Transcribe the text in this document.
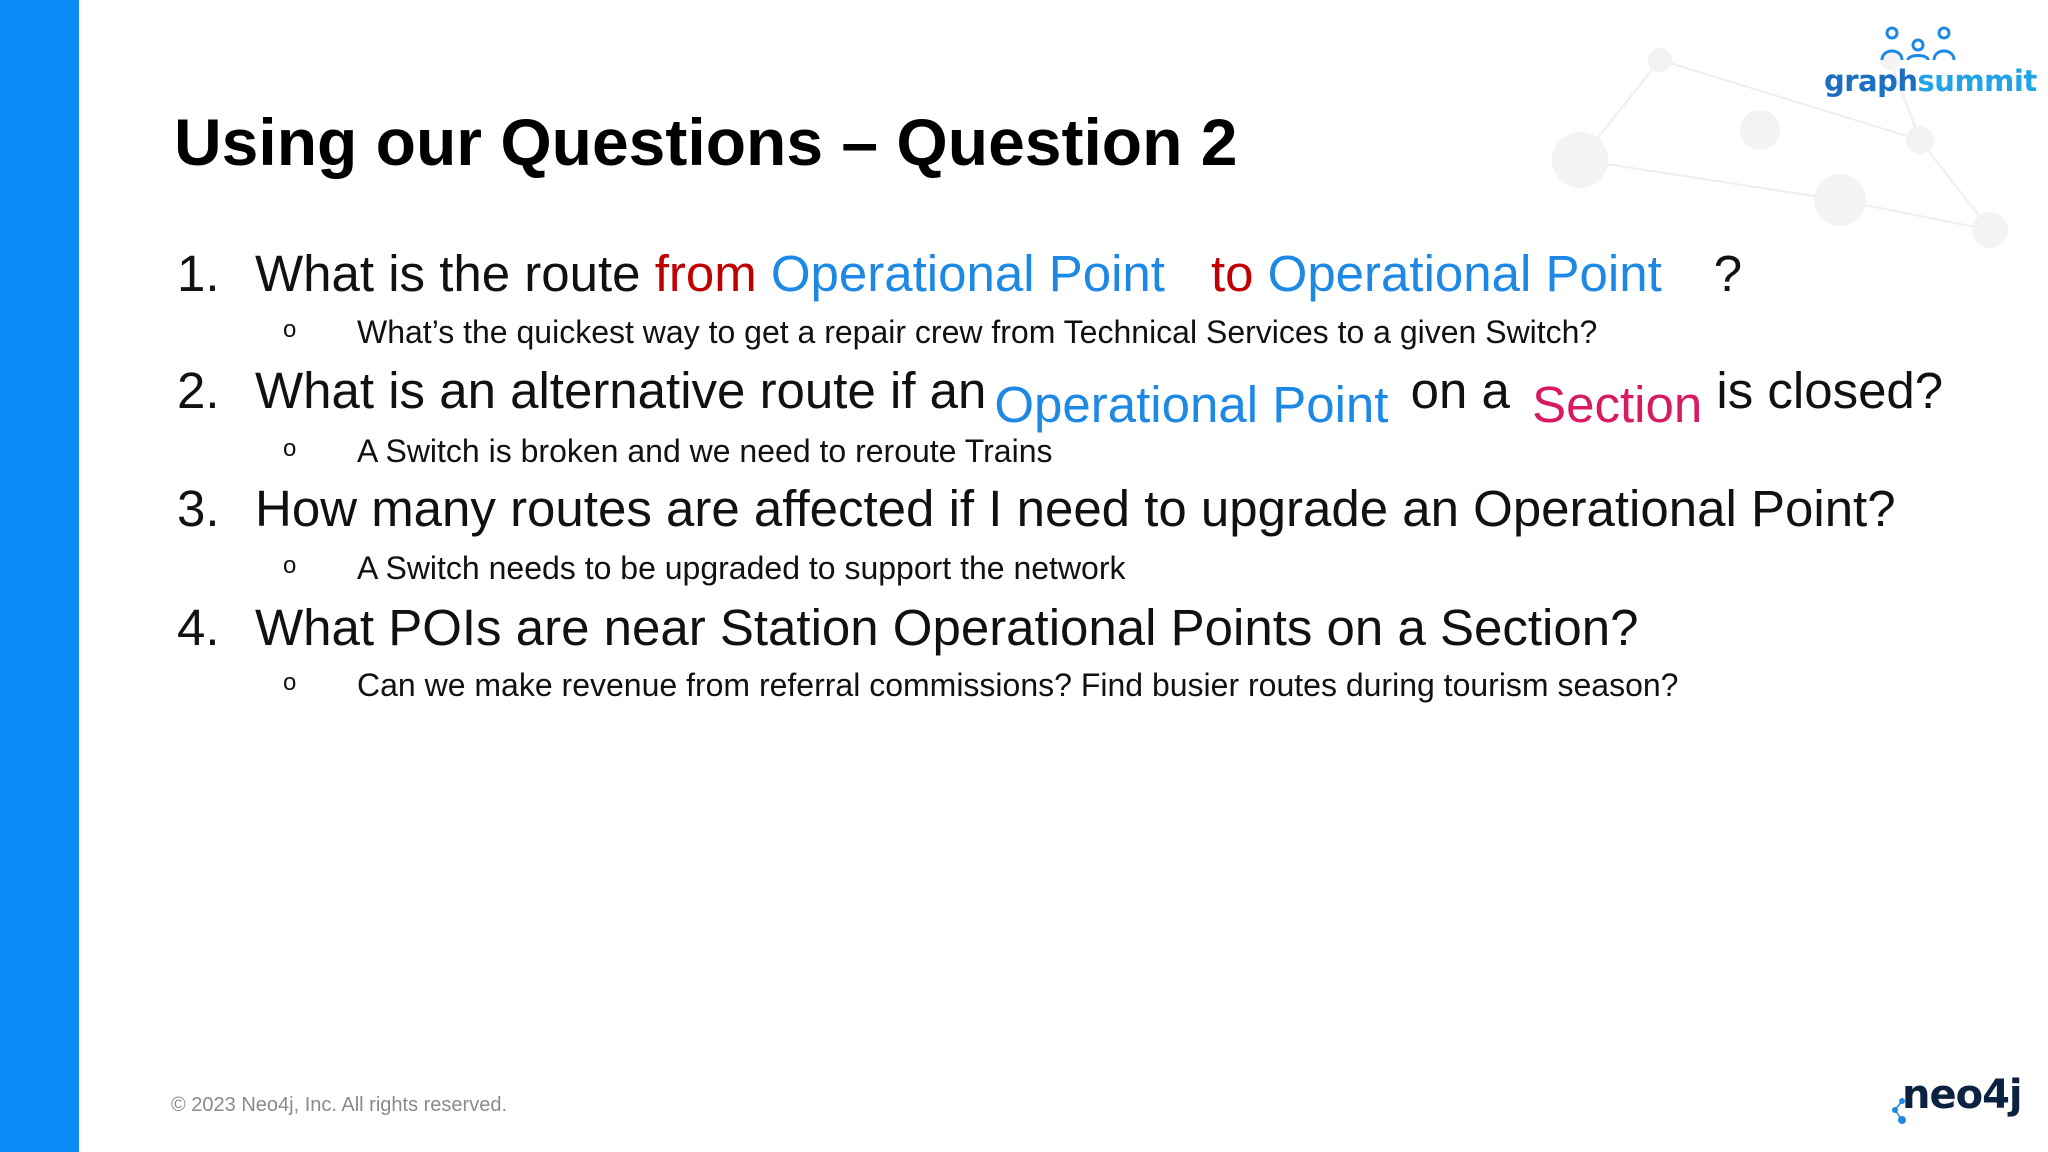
graphsummit
Using our Questions – Question 2
1. What is the route from Operational Point to Operational Point ?
o What’s the quickest way to get a repair crew from Technical Services to a given Switch?
2. What is an alternative route if an Operational Point on a Section is closed?
o A Switch is broken and we need to reroute Trains
3. How many routes are affected if I need to upgrade an Operational Point?
o A Switch needs to be upgraded to support the network
4. What POIs are near Station Operational Points on a Section?
o Can we make revenue from referral commissions? Find busier routes during tourism season?
© 2023 Neo4j, Inc. All rights reserved.	neo4j
